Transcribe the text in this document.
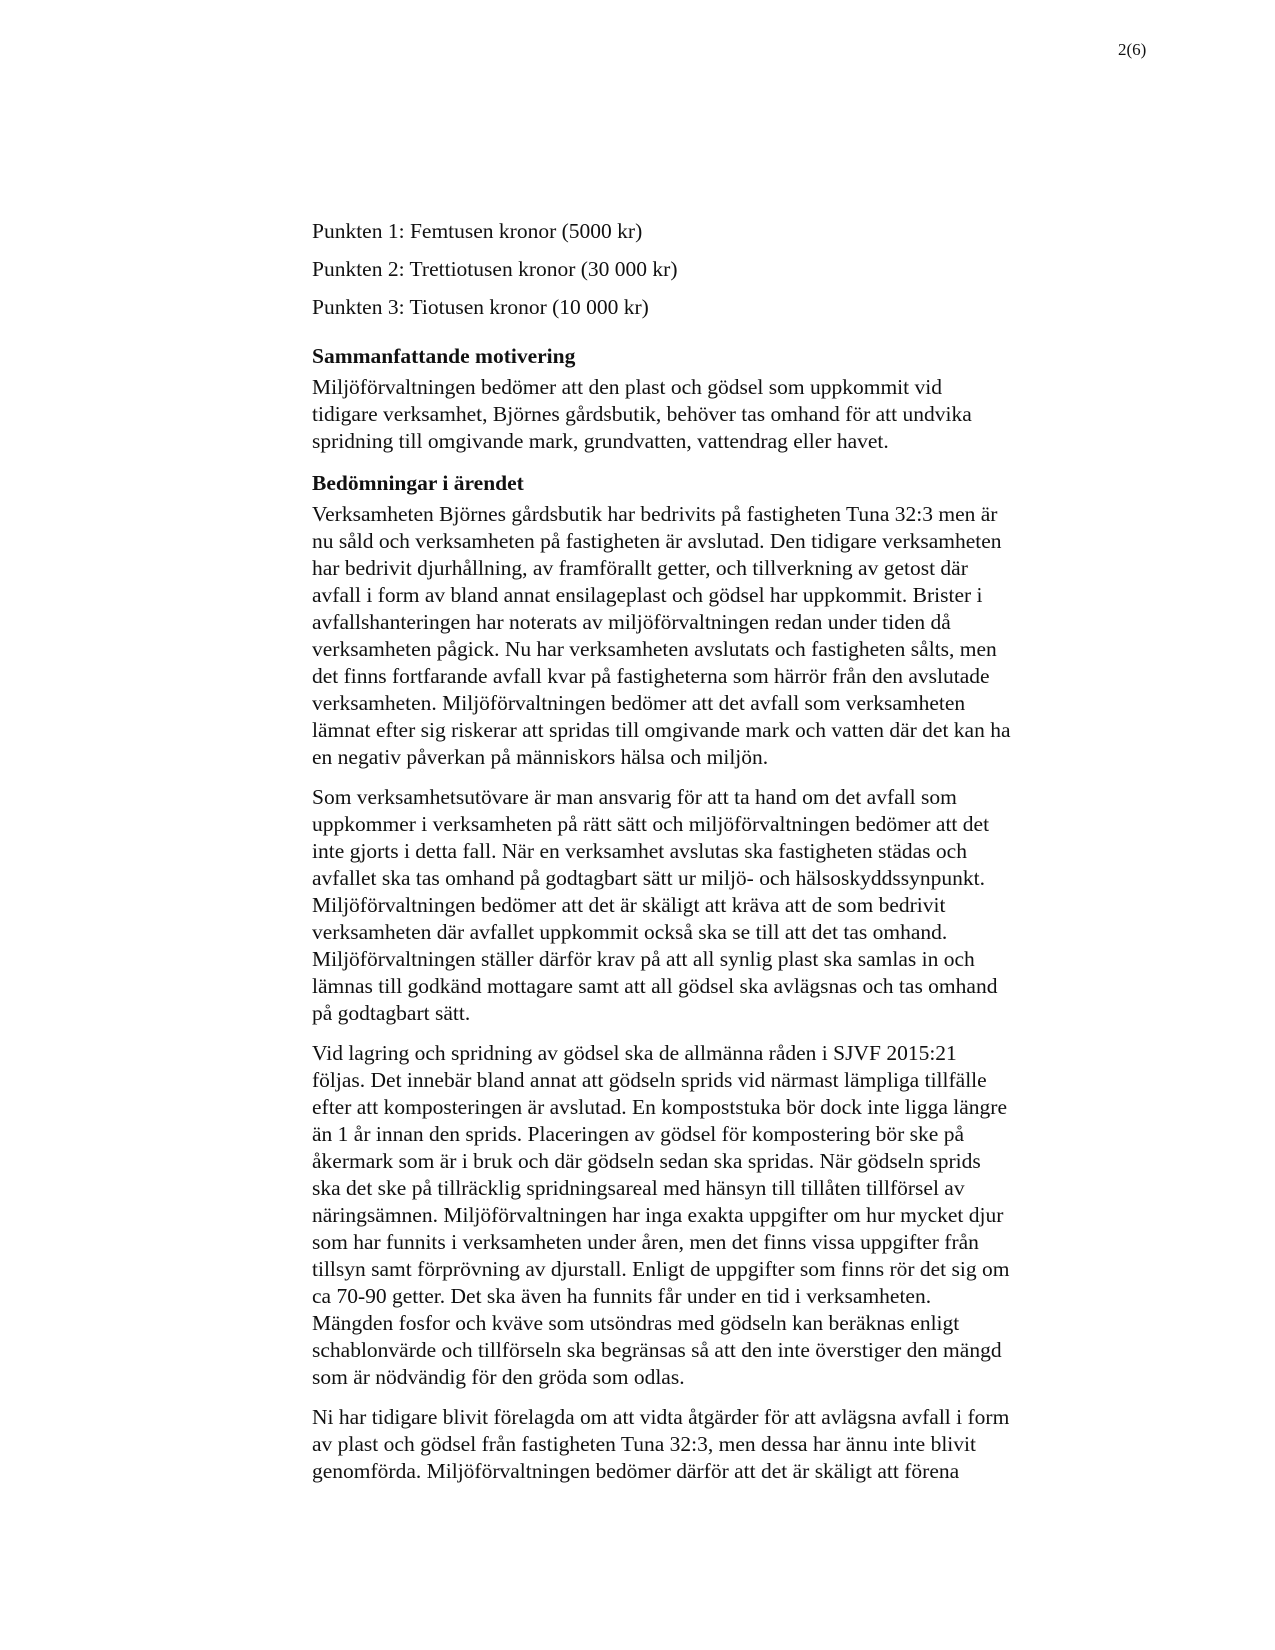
2(6)

Punkten 1: Femtusen kronor (5000 kr)

Punkten 2: Trettiotusen kronor (30 000 kr)

Punkten 3: Tiotusen kronor (10 000 kr)

Sammanfattande motivering

Miljöförvaltningen bedömer att den plast och gödsel som uppkommit vid
tidigare verksamhet, Björnes gårdsbutik, behöver tas omhand för att undvika
spridning till omgivande mark, grundvatten, vattendrag eller havet.

Bedömningar i ärendet

Verksamheten Björnes gårdsbutik har bedrivits på fastigheten Tuna 32:3 men är
nu såld och verksamheten på fastigheten är avslutad. Den tidigare verksamheten
har bedrivit djurhållning, av framförallt getter, och tillverkning av getost där
avfall i form av bland annat ensilageplast och gödsel har uppkommit. Brister i
avfallshanteringen har noterats av miljöförvaltningen redan under tiden då
verksamheten pågick. Nu har verksamheten avslutats och fastigheten sålts, men
det finns fortfarande avfall kvar på fastigheterna som härrör från den avslutade
verksamheten. Miljöförvaltningen bedömer att det avfall som verksamheten
lämnat efter sig riskerar att spridas till omgivande mark och vatten där det kan ha
en negativ påverkan på människors hälsa och miljön.

Som verksamhetsutövare är man ansvarig för att ta hand om det avfall som
uppkommer i verksamheten på rätt sätt och miljöförvaltningen bedömer att det
inte gjorts i detta fall. När en verksamhet avslutas ska fastigheten städas och
avfallet ska tas omhand på godtagbart sätt ur miljö- och hälsoskyddssynpunkt.
Miljöförvaltningen bedömer att det är skäligt att kräva att de som bedrivit
verksamheten där avfallet uppkommit också ska se till att det tas omhand.
Miljöförvaltningen ställer därför krav på att all synlig plast ska samlas in och
lämnas till godkänd mottagare samt att all gödsel ska avlägsnas och tas omhand
på godtagbart sätt.

Vid lagring och spridning av gödsel ska de allmänna råden i SJVF 2015:21
följas. Det innebär bland annat att gödseln sprids vid närmast lämpliga tillfälle
efter att komposteringen är avslutad. En kompoststuka bör dock inte ligga längre
än 1 år innan den sprids. Placeringen av gödsel för kompostering bör ske på
åkermark som är i bruk och där gödseln sedan ska spridas. När gödseln sprids
ska det ske på tillräcklig spridningsareal med hänsyn till tillåten tillförsel av
näringsämnen. Miljöförvaltningen har inga exakta uppgifter om hur mycket djur
som har funnits i verksamheten under åren, men det finns vissa uppgifter från
tillsyn samt förprövning av djurstall. Enligt de uppgifter som finns rör det sig om
ca 70-90 getter. Det ska även ha funnits får under en tid i verksamheten.
Mängden fosfor och kväve som utsöndras med gödseln kan beräknas enligt
schablonvärde och tillförseln ska begränsas så att den inte överstiger den mängd
som är nödvändig för den gröda som odlas.

Ni har tidigare blivit förelagda om att vidta åtgärder för att avlägsna avfall i form
av plast och gödsel från fastigheten Tuna 32:3, men dessa har ännu inte blivit
genomförda. Miljöförvaltningen bedömer därför att det är skäligt att förena
